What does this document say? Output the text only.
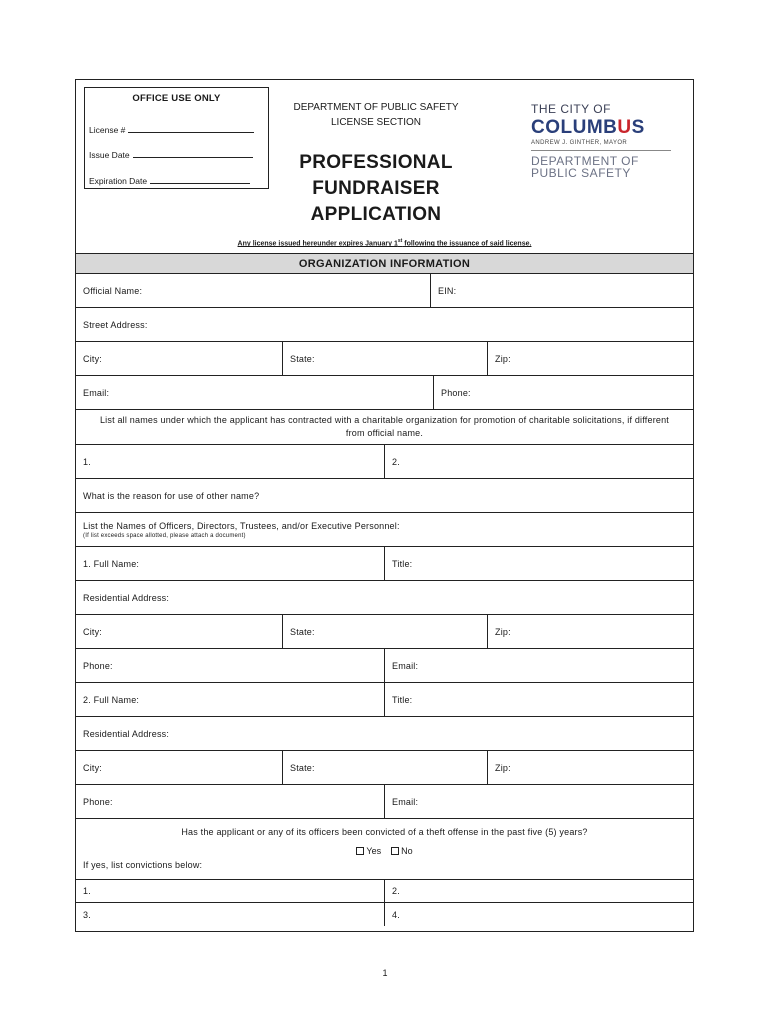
OFFICE USE ONLY
License #
Issue Date
Expiration Date
DEPARTMENT OF PUBLIC SAFETY
LICENSE SECTION
PROFESSIONAL
FUNDRAISER
APPLICATION
THE CITY OF
COLUMBUS
ANDREW J. GINTHER, MAYOR
DEPARTMENT OF
PUBLIC SAFETY
Any license issued hereunder expires January 1st following the issuance of said license.
ORGANIZATION INFORMATION
Official Name:	EIN:
Street Address:
City:	State:	Zip:
Email:	Phone:
List all names under which the applicant has contracted with a charitable organization for promotion of charitable solicitations, if different from official name.
1.	2.
What is the reason for use of other name?
List the Names of Officers, Directors, Trustees, and/or Executive Personnel:
(If list exceeds space allotted, please attach a document)
1. Full Name:	Title:
Residential Address:
City:	State:	Zip:
Phone:	Email:
2. Full Name:	Title:
Residential Address:
City:	State:	Zip:
Phone:	Email:
Has the applicant or any of its officers been convicted of a theft offense in the past five (5) years?
Yes No
If yes, list convictions below:
1.	2.
3.	4.
1
